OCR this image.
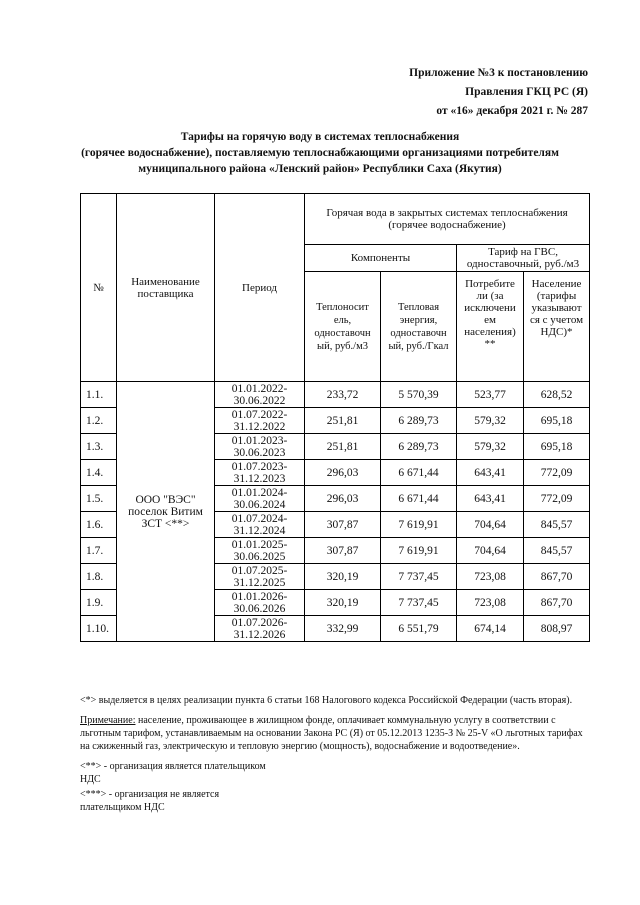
Приложение №3 к постановлению
Правления ГКЦ РС (Я)
от «16» декабря 2021 г. № 287
Тарифы на горячую воду в системах теплоснабжения
(горячее водоснабжение), поставляемую теплоснабжающими организациями потребителям
муниципального района «Ленский район» Республики Саха (Якутия)
№	Наименование поставщика	Период	Горячая вода в закрытых системах теплоснабжения (горячее водоснабжение)			
			Компоненты		Тариф на ГВС, одноставочный, руб./м3	
			Теплоносит ель, одноставочн ый, руб./м3	Тепловая энергия, одноставочн ый, руб./Гкал	Потребите ли (за исключени ем населения) **	Население (тарифы указывают ся с учетом НДС)*
1.1.	ООО "ВЭС" поселок Витим ЗСТ <**>	01.01.2022- 30.06.2022	233,72	5 570,39	523,77	628,52
1.2.		01.07.2022- 31.12.2022	251,81	6 289,73	579,32	695,18
1.3.		01.01.2023- 30.06.2023	251,81	6 289,73	579,32	695,18
1.4.		01.07.2023- 31.12.2023	296,03	6 671,44	643,41	772,09
1.5.		01.01.2024- 30.06.2024	296,03	6 671,44	643,41	772,09
1.6.		01.07.2024- 31.12.2024	307,87	7 619,91	704,64	845,57
1.7.		01.01.2025- 30.06.2025	307,87	7 619,91	704,64	845,57
1.8.		01.07.2025- 31.12.2025	320,19	7 737,45	723,08	867,70
1.9.		01.01.2026- 30.06.2026	320,19	7 737,45	723,08	867,70
1.10.		01.07.2026- 31.12.2026	332,99	6 551,79	674,14	808,97

<*> выделяется в целях реализации пункта 6 статьи 168 Налогового кодекса Российской Федерации (часть вторая).

Примечание: население, проживающее в жилищном фонде, оплачивает коммунальную услугу в соответствии с льготным тарифом, устанавливаемым на основании Закона РС (Я) от 05.12.2013 1235-З № 25-V «О льготных тарифах на сжиженный газ, электрическую и тепловую энергию (мощность), водоснабжение и водоотведение».

<**> - организация является плательщиком НДС

<***> - организация не является плательщиком НДС
